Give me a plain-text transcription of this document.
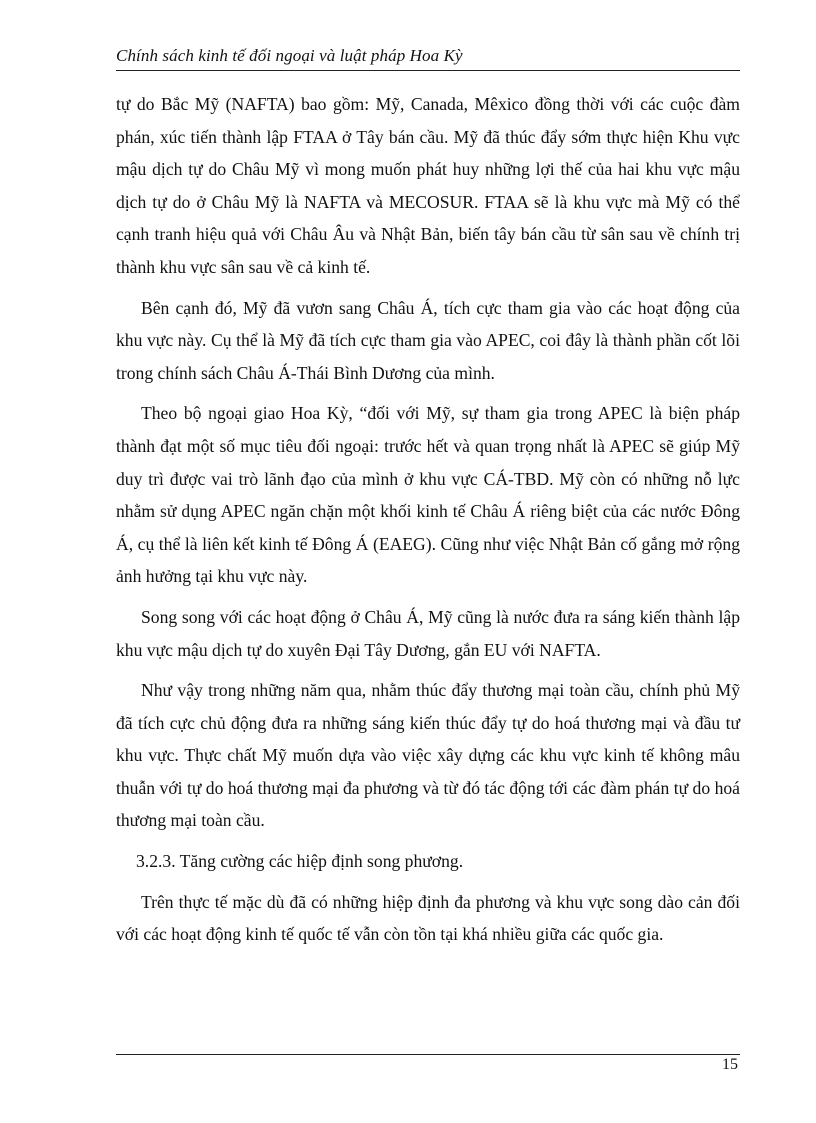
Chính sách kinh tế đối ngoại và luật pháp Hoa Kỳ

tự do Bắc Mỹ (NAFTA) bao gồm: Mỹ, Canada, Mêxico đồng thời với các cuộc đàm phán, xúc tiến thành lập FTAA ở Tây bán cầu. Mỹ đã thúc đẩy sớm thực hiện Khu vực mậu dịch tự do Châu Mỹ vì mong muốn phát huy những lợi thế của hai khu vực mậu dịch tự do ở Châu Mỹ là NAFTA và MECOSUR. FTAA sẽ là khu vực mà Mỹ có thể cạnh tranh hiệu quả với Châu Âu và Nhật Bản, biến tây bán cầu từ sân sau về chính trị thành khu vực sân sau về cả kinh tế.

Bên cạnh đó, Mỹ đã vươn sang Châu Á, tích cực tham gia vào các hoạt động của khu vực này. Cụ thể là Mỹ đã tích cực tham gia vào APEC, coi đây là thành phần cốt lõi trong chính sách Châu Á-Thái Bình Dương của mình.

Theo bộ ngoại giao Hoa Kỳ, “đối với Mỹ, sự tham gia trong APEC là biện pháp thành đạt một số mục tiêu đối ngoại: trước hết và quan trọng nhất là APEC sẽ giúp Mỹ duy trì được vai trò lãnh đạo của mình ở khu vực CÁ-TBD. Mỹ còn có những nỗ lực nhằm sử dụng APEC ngăn chặn một khối kinh tế Châu Á riêng biệt của các nước Đông Á, cụ thể là liên kết kinh tế Đông Á (EAEG). Cũng như việc Nhật Bản cố gắng mở rộng ảnh hưởng tại khu vực này.

Song song với các hoạt động ở Châu Á, Mỹ cũng là nước đưa ra sáng kiến thành lập khu vực mậu dịch tự do xuyên Đại Tây Dương, gắn EU với NAFTA.

Như vậy trong những năm qua, nhằm thúc đẩy thương mại toàn cầu, chính phủ Mỹ đã tích cực chủ động đưa ra những sáng kiến thúc đẩy tự do hoá thương mại và đầu tư khu vực. Thực chất Mỹ muốn dựa vào việc xây dựng các khu vực kinh tế không mâu thuẫn với tự do hoá thương mại đa phương và từ đó tác động tới các đàm phán tự do hoá thương mại toàn cầu.

3.2.3. Tăng cường các hiệp định song phương.

Trên thực tế mặc dù đã có những hiệp định đa phương và khu vực song dào cản đối với các hoạt động kinh tế quốc tế vẫn còn tồn tại khá nhiều giữa các quốc gia.

15
